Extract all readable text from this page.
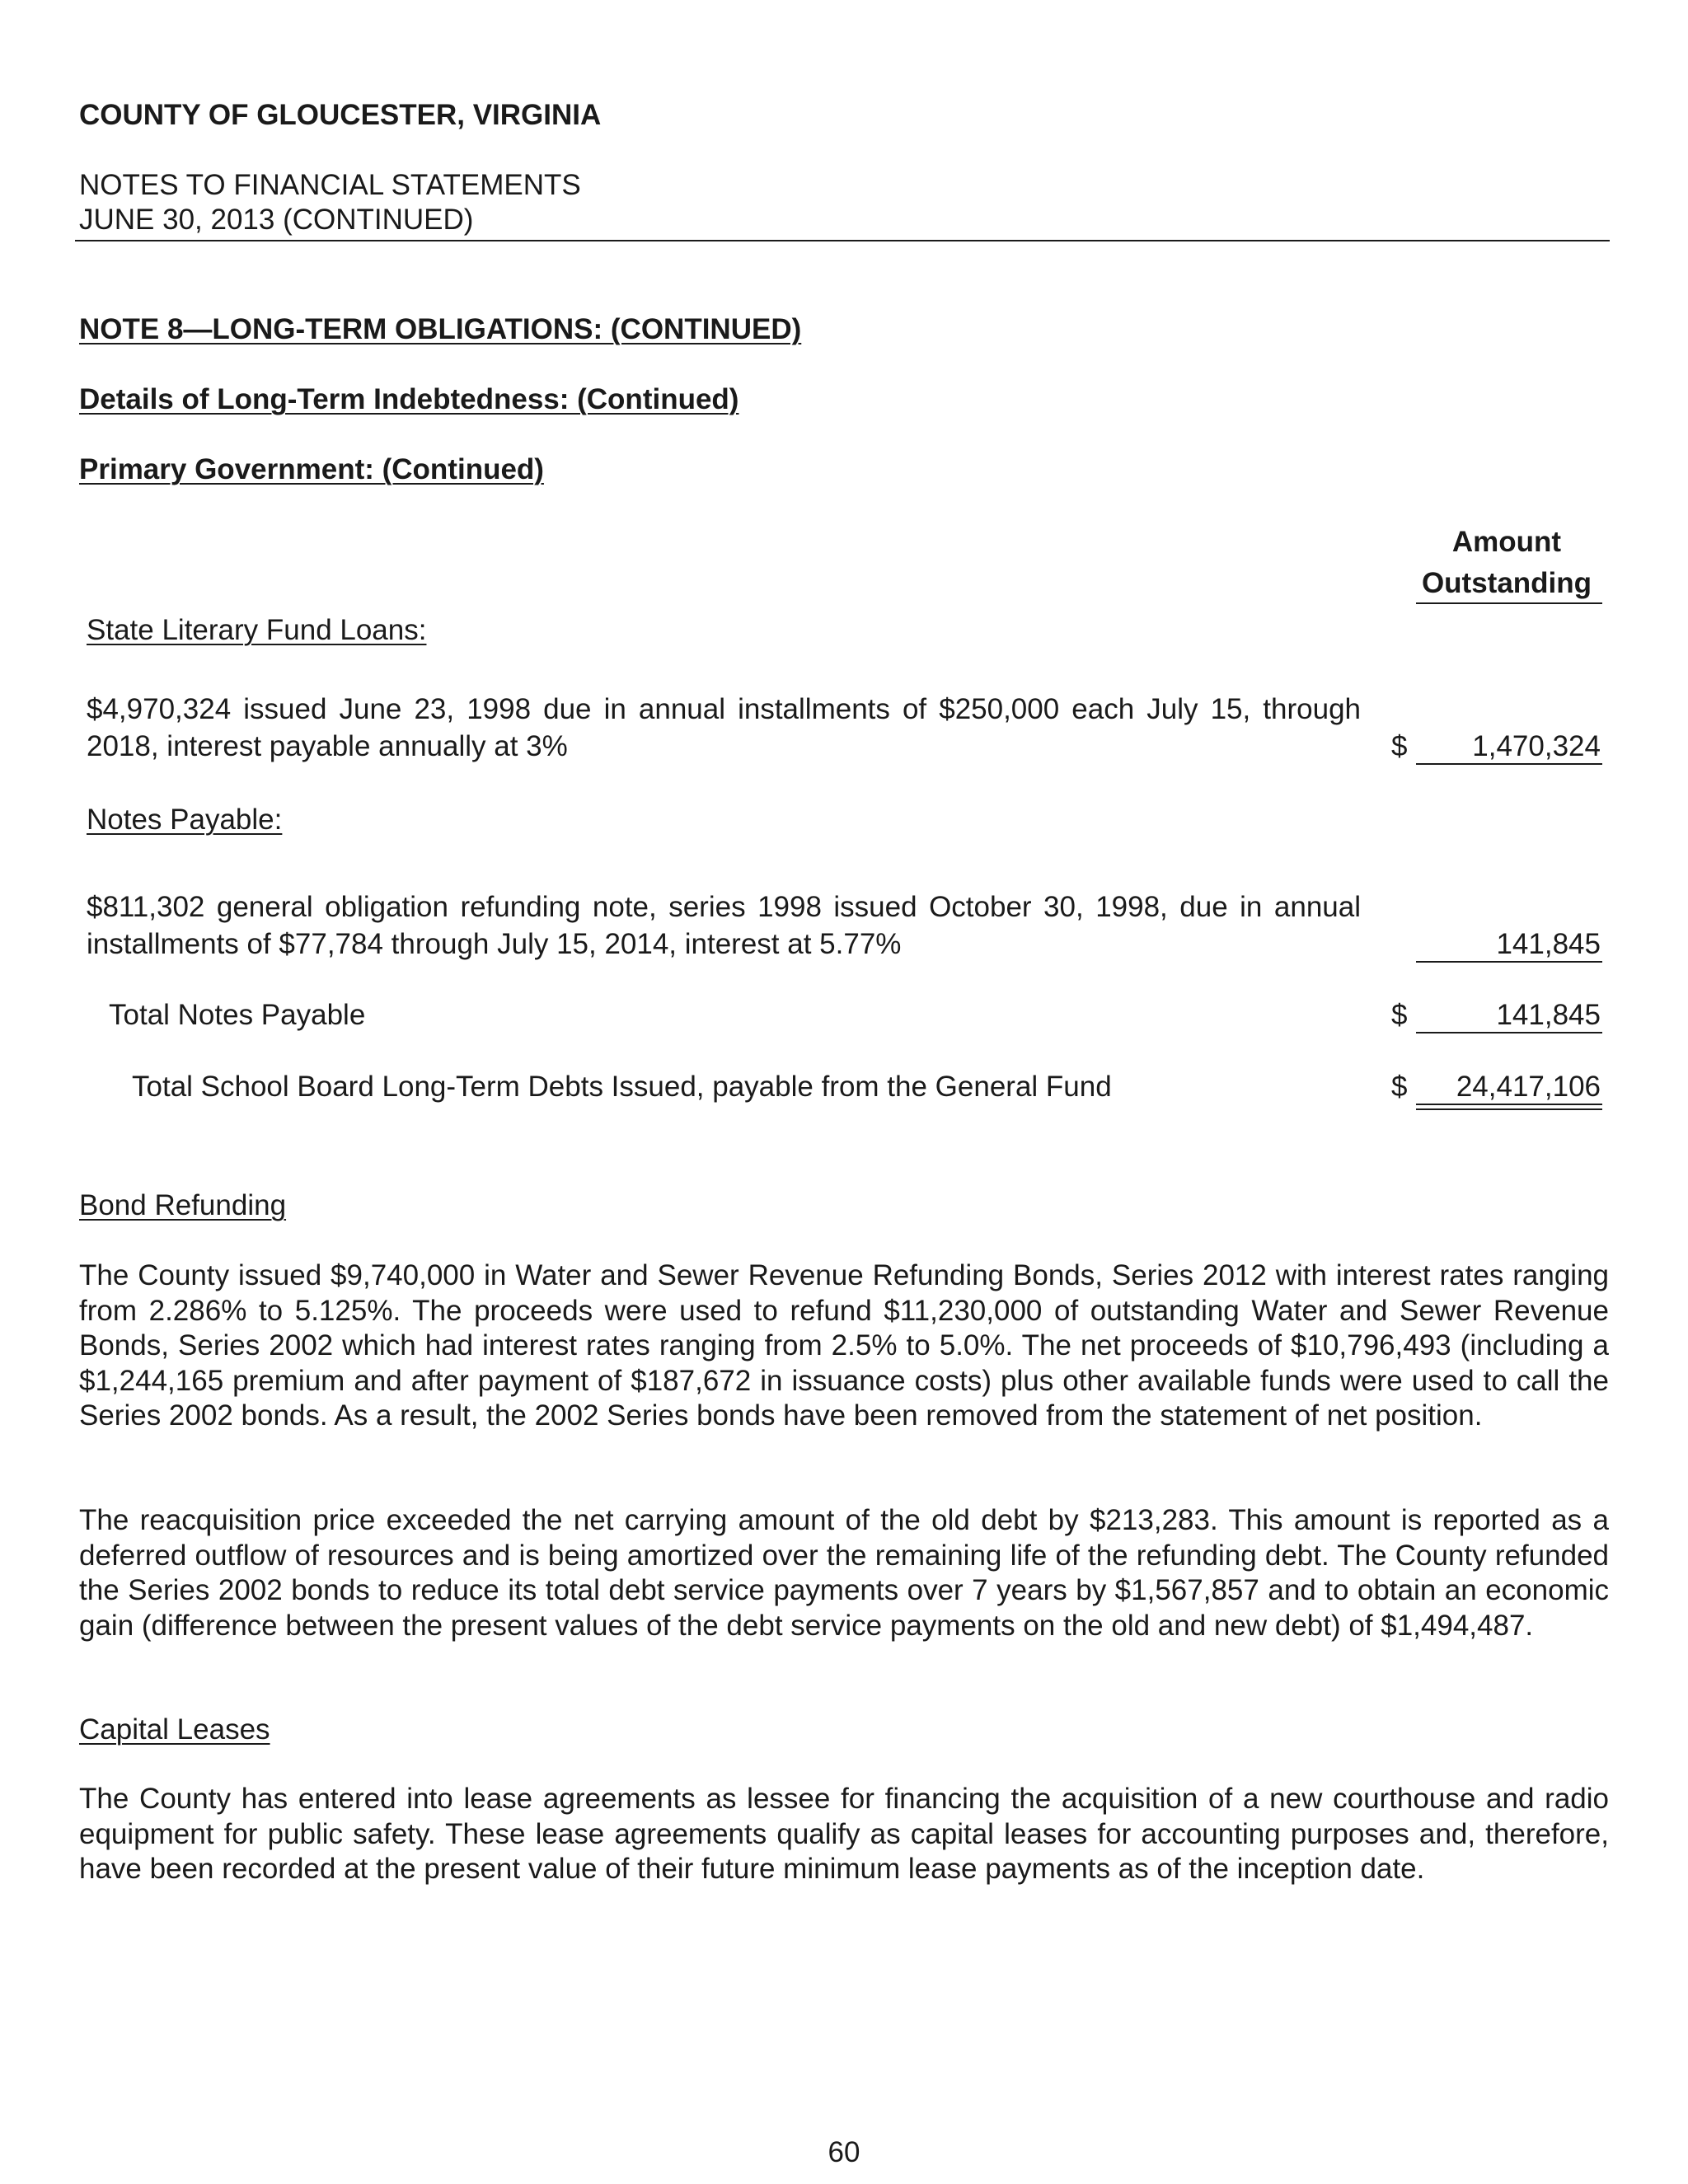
COUNTY OF GLOUCESTER, VIRGINIA
NOTES TO FINANCIAL STATEMENTS
JUNE 30, 2013 (CONTINUED)
NOTE 8—LONG-TERM OBLIGATIONS: (CONTINUED)
Details of Long-Term Indebtedness: (Continued)
Primary Government: (Continued)
Amount
Outstanding
State Literary Fund Loans:
$4,970,324 issued June 23, 1998 due in annual installments of $250,000 each July 15, through 2018, interest payable annually at 3%	$	1,470,324
Notes Payable:
$811,302 general obligation refunding note, series 1998 issued October 30, 1998, due in annual installments of $77,784 through July 15, 2014, interest at 5.77%	141,845
Total Notes Payable	$	141,845
Total School Board Long-Term Debts Issued, payable from the General Fund	$	24,417,106
Bond Refunding
The County issued $9,740,000 in Water and Sewer Revenue Refunding Bonds, Series 2012 with interest rates ranging from 2.286% to 5.125%. The proceeds were used to refund $11,230,000 of outstanding Water and Sewer Revenue Bonds, Series 2002 which had interest rates ranging from 2.5% to 5.0%. The net proceeds of $10,796,493 (including a $1,244,165 premium and after payment of $187,672 in issuance costs) plus other available funds were used to call the Series 2002 bonds. As a result, the 2002 Series bonds have been removed from the statement of net position.
The reacquisition price exceeded the net carrying amount of the old debt by $213,283. This amount is reported as a deferred outflow of resources and is being amortized over the remaining life of the refunding debt. The County refunded the Series 2002 bonds to reduce its total debt service payments over 7 years by $1,567,857 and to obtain an economic gain (difference between the present values of the debt service payments on the old and new debt) of $1,494,487.
Capital Leases
The County has entered into lease agreements as lessee for financing the acquisition of a new courthouse and radio equipment for public safety. These lease agreements qualify as capital leases for accounting purposes and, therefore, have been recorded at the present value of their future minimum lease payments as of the inception date.
60
